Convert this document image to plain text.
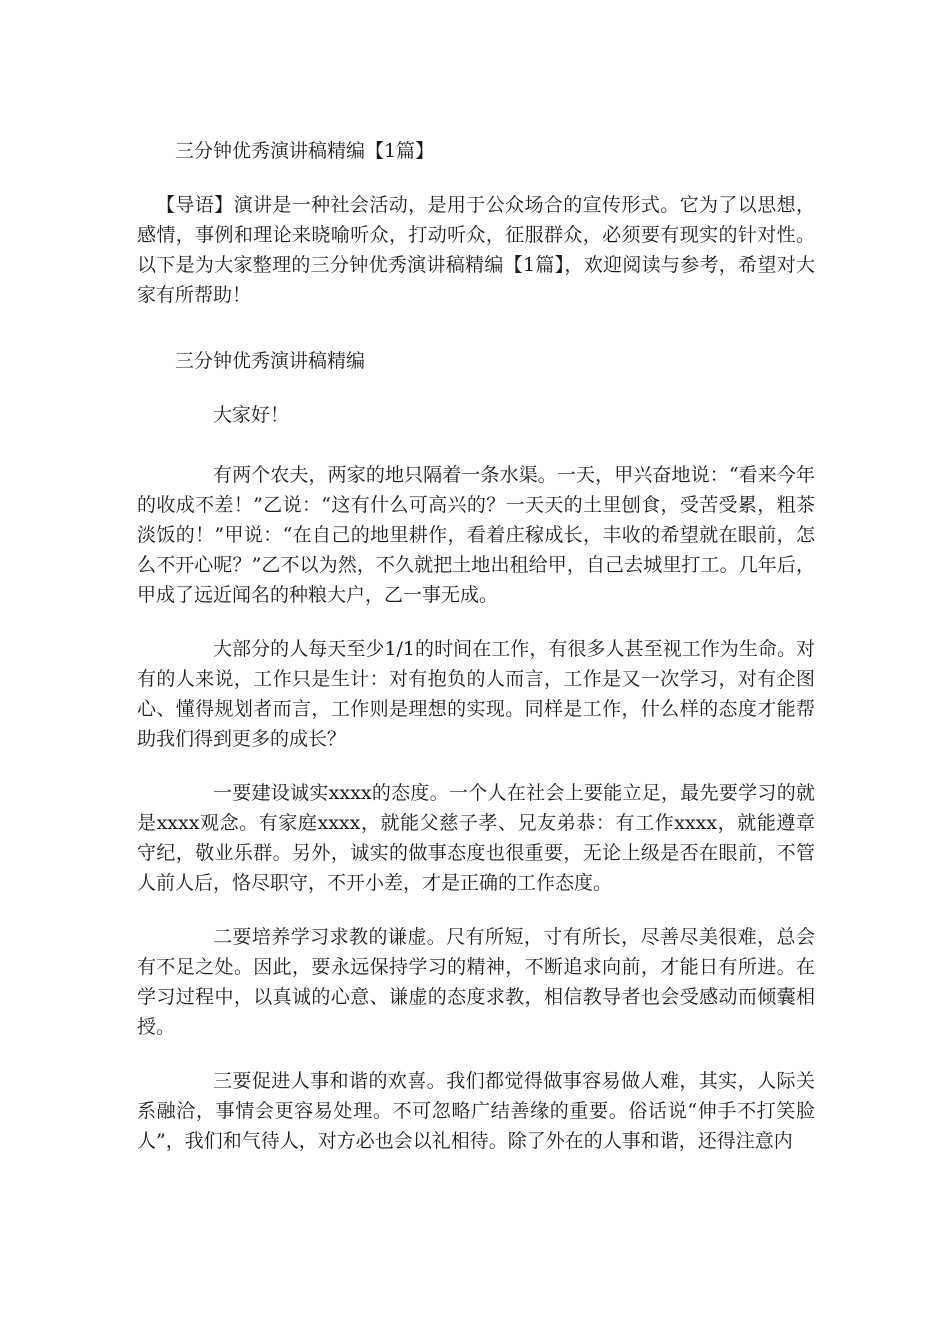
三分钟优秀演讲稿精编【1篇】

【导语】演讲是一种社会活动，是用于公众场合的宣传形式。它为了以思想，感情，事例和理论来晓喻听众，打动听众，征服群众，必须要有现实的针对性。以下是为大家整理的三分钟优秀演讲稿精编【1篇】，欢迎阅读与参考，希望对大家有所帮助！

三分钟优秀演讲稿精编

大家好！

有两个农夫，两家的地只隔着一条水渠。一天，甲兴奋地说：“看来今年的收成不差！”乙说：“这有什么可高兴的？一天天的土里刨食，受苦受累，粗茶淡饭的！”甲说：“在自己的地里耕作，看着庄稼成长，丰收的希望就在眼前，怎么不开心呢？”乙不以为然，不久就把土地出租给甲，自己去城里打工。几年后，甲成了远近闻名的种粮大户，乙一事无成。

大部分的人每天至少1/1的时间在工作，有很多人甚至视工作为生命。对有的人来说，工作只是生计：对有抱负的人而言，工作是又一次学习，对有企图心、懂得规划者而言，工作则是理想的实现。同样是工作，什么样的态度才能帮助我们得到更多的成长？

一要建设诚实xxxx的态度。一个人在社会上要能立足，最先要学习的就是xxxx观念。有家庭xxxx，就能父慈子孝、兄友弟恭：有工作xxxx，就能遵章守纪，敬业乐群。另外，诚实的做事态度也很重要，无论上级是否在眼前，不管人前人后，恪尽职守，不开小差，才是正确的工作态度。

二要培养学习求教的谦虚。尺有所短，寸有所长，尽善尽美很难，总会有不足之处。因此，要永远保持学习的精神，不断追求向前，才能日有所进。在学习过程中，以真诚的心意、谦虚的态度求教，相信教导者也会受感动而倾囊相授。

三要促进人事和谐的欢喜。我们都觉得做事容易做人难，其实，人际关系融洽，事情会更容易处理。不可忽略广结善缘的重要。俗话说“伸手不打笑脸人”，我们和气待人，对方必也会以礼相待。除了外在的人事和谐，还得注意内
